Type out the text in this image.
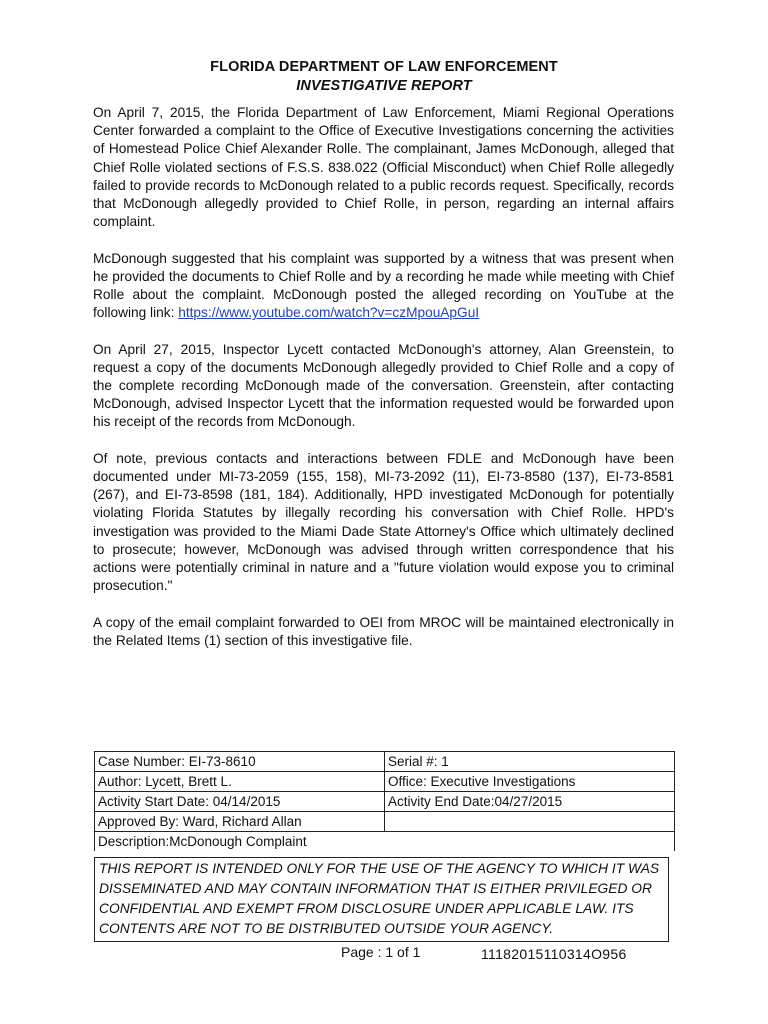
FLORIDA DEPARTMENT OF LAW ENFORCEMENT
INVESTIGATIVE REPORT

On April 7, 2015, the Florida Department of Law Enforcement, Miami Regional Operations Center forwarded a complaint to the Office of Executive Investigations concerning the activities of Homestead Police Chief Alexander Rolle. The complainant, James McDonough, alleged that Chief Rolle violated sections of F.S.S. 838.022 (Official Misconduct) when Chief Rolle allegedly failed to provide records to McDonough related to a public records request. Specifically, records that McDonough allegedly provided to Chief Rolle, in person, regarding an internal affairs complaint.

McDonough suggested that his complaint was supported by a witness that was present when he provided the documents to Chief Rolle and by a recording he made while meeting with Chief Rolle about the complaint. McDonough posted the alleged recording on YouTube at the following link: https://www.youtube.com/watch?v=czMpouApGuI

On April 27, 2015, Inspector Lycett contacted McDonough's attorney, Alan Greenstein, to request a copy of the documents McDonough allegedly provided to Chief Rolle and a copy of the complete recording McDonough made of the conversation. Greenstein, after contacting McDonough, advised Inspector Lycett that the information requested would be forwarded upon his receipt of the records from McDonough.

Of note, previous contacts and interactions between FDLE and McDonough have been documented under MI-73-2059 (155, 158), MI-73-2092 (11), EI-73-8580 (137), EI-73-8581 (267), and EI-73-8598 (181, 184). Additionally, HPD investigated McDonough for potentially violating Florida Statutes by illegally recording his conversation with Chief Rolle. HPD's investigation was provided to the Miami Dade State Attorney's Office which ultimately declined to prosecute; however, McDonough was advised through written correspondence that his actions were potentially criminal in nature and a "future violation would expose you to criminal prosecution."

A copy of the email complaint forwarded to OEI from MROC will be maintained electronically in the Related Items (1) section of this investigative file.

Case Number: EI-73-8610	Serial #: 1
Author: Lycett, Brett L.	Office: Executive Investigations
Activity Start Date: 04/14/2015	Activity End Date:04/27/2015
Approved By: Ward, Richard Allan	
Description:McDonough Complaint	
THIS REPORT IS INTENDED ONLY FOR THE USE OF THE AGENCY TO WHICH IT WAS DISSEMINATED AND MAY CONTAIN INFORMATION THAT IS EITHER PRIVILEGED OR CONFIDENTIAL AND EXEMPT FROM DISCLOSURE UNDER APPLICABLE LAW. ITS CONTENTS ARE NOT TO BE DISTRIBUTED OUTSIDE YOUR AGENCY.
Page : 1 of 1	11182015110314O956
